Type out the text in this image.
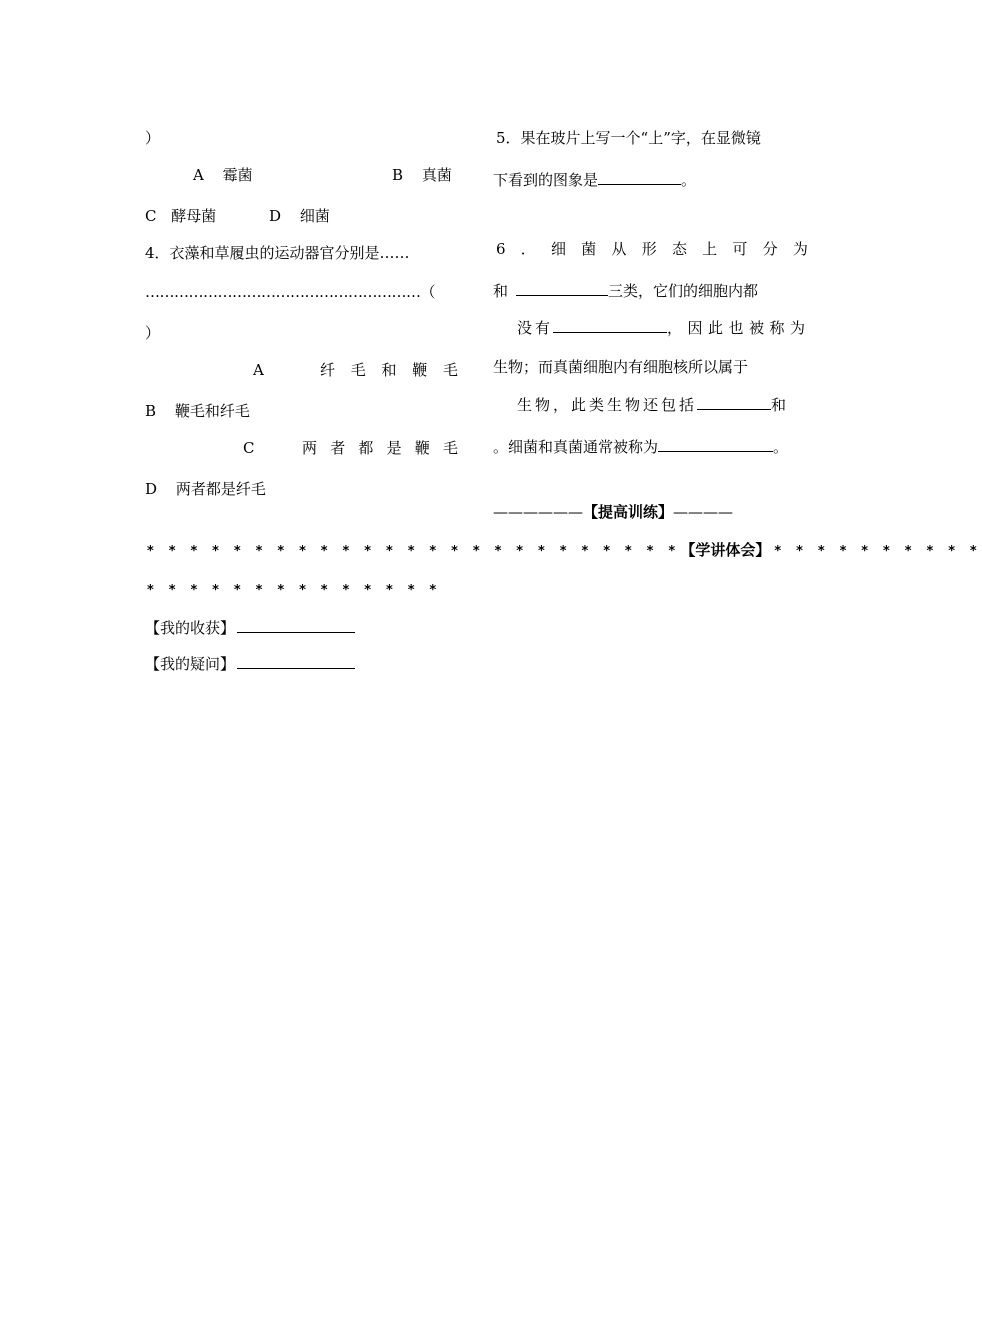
）
A 霉菌	B 真菌
C 酵母菌	D 细菌
4．衣藻和草履虫的运动器官分别是……
…………………………………………………（
）
A	纤 毛 和 鞭 毛
B 鞭毛和纤毛
C	两 者 都 是 鞭 毛
D 两者都是纤毛
5．果在玻片上写一个“上”字，在显微镜
下看到的图象是	。
6 ． 细 菌 从 形 态 上 可 分 为
和	三类，它们的细胞内都
没有	，因此也被称为
生物；而真菌细胞内有细胞核所以属于
生物，此类生物还包括	和
。细菌和真菌通常被称为	。
——————【提高训练】————
* * * * * * * * * * * * * * * * * * * * * * * * *【学讲体会】 * * * * * * * * * *
* * * * * * * * * * * * * *
【我的收获】
【我的疑问】
